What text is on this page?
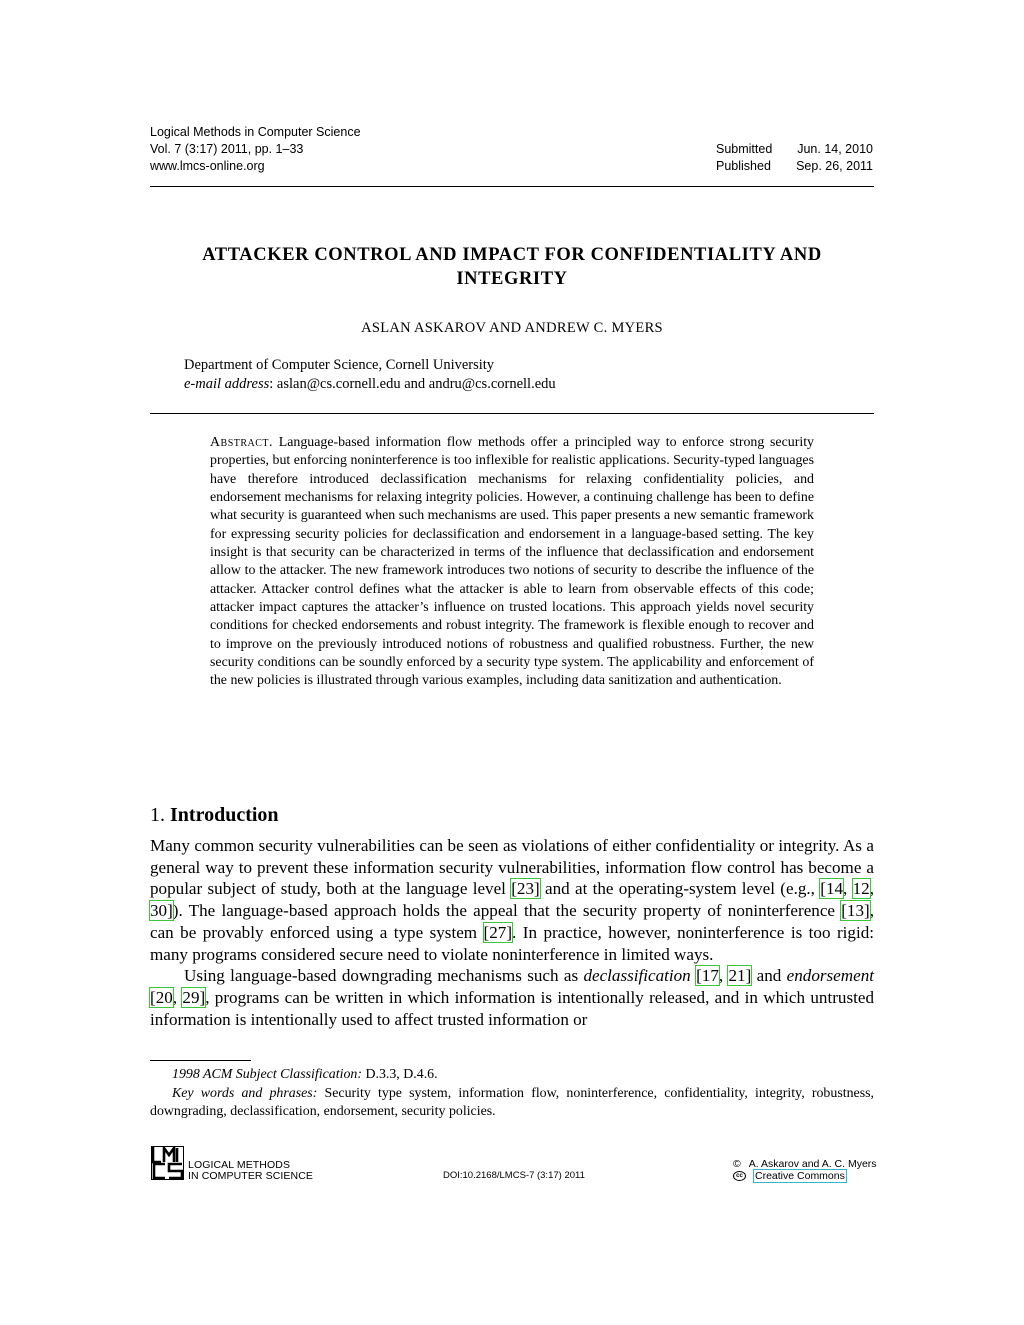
Logical Methods in Computer Science
Vol. 7 (3:17) 2011, pp. 1–33
www.lmcs-online.org
Submitted Jun. 14, 2010
Published Sep. 26, 2011
ATTACKER CONTROL AND IMPACT FOR CONFIDENTIALITY AND
INTEGRITY
ASLAN ASKAROV AND ANDREW C. MYERS
Department of Computer Science, Cornell University
e-mail address: aslan@cs.cornell.edu and andru@cs.cornell.edu
Abstract. Language-based information flow methods offer a principled way to enforce strong security properties, but enforcing noninterference is too inflexible for realistic applications. Security-typed languages have therefore introduced declassification mechanisms for relaxing confidentiality policies, and endorsement mechanisms for relaxing integrity policies. However, a continuing challenge has been to define what security is guaranteed when such mechanisms are used. This paper presents a new semantic framework for expressing security policies for declassification and endorsement in a language-based setting. The key insight is that security can be characterized in terms of the influence that declassification and endorsement allow to the attacker. The new framework introduces two notions of security to describe the influence of the attacker. Attacker control defines what the attacker is able to learn from observable effects of this code; attacker impact captures the attacker’s influence on trusted locations. This approach yields novel security conditions for checked endorsements and robust integrity. The framework is flexible enough to recover and to improve on the previously introduced notions of robustness and qualified robustness. Further, the new security conditions can be soundly enforced by a security type system. The applicability and enforcement of the new policies is illustrated through various examples, including data sanitization and authentication.
1. Introduction

Many common security vulnerabilities can be seen as violations of either confidentiality or integrity. As a general way to prevent these information security vulnerabilities, information flow control has become a popular subject of study, both at the language level [23] and at the operating-system level (e.g., [14, 12, 30]). The language-based approach holds the appeal that the security property of noninterference [13], can be provably enforced using a type system [27]. In practice, however, noninterference is too rigid: many programs considered secure need to violate noninterference in limited ways.

Using language-based downgrading mechanisms such as declassification [17, 21] and endorsement [20, 29], programs can be written in which information is intentionally released, and in which untrusted information is intentionally used to affect trusted information or

1998 ACM Subject Classification: D.3.3, D.4.6.

Key words and phrases: Security type system, information flow, noninterference, confidentiality, integrity, robustness, downgrading, declassification, endorsement, security policies.

LOGICAL METHODS
IN COMPUTER SCIENCE	DOI:10.2168/LMCS-7 (3:17) 2011
© A. Askarov and A. C. Myers
cc	Creative Commons
